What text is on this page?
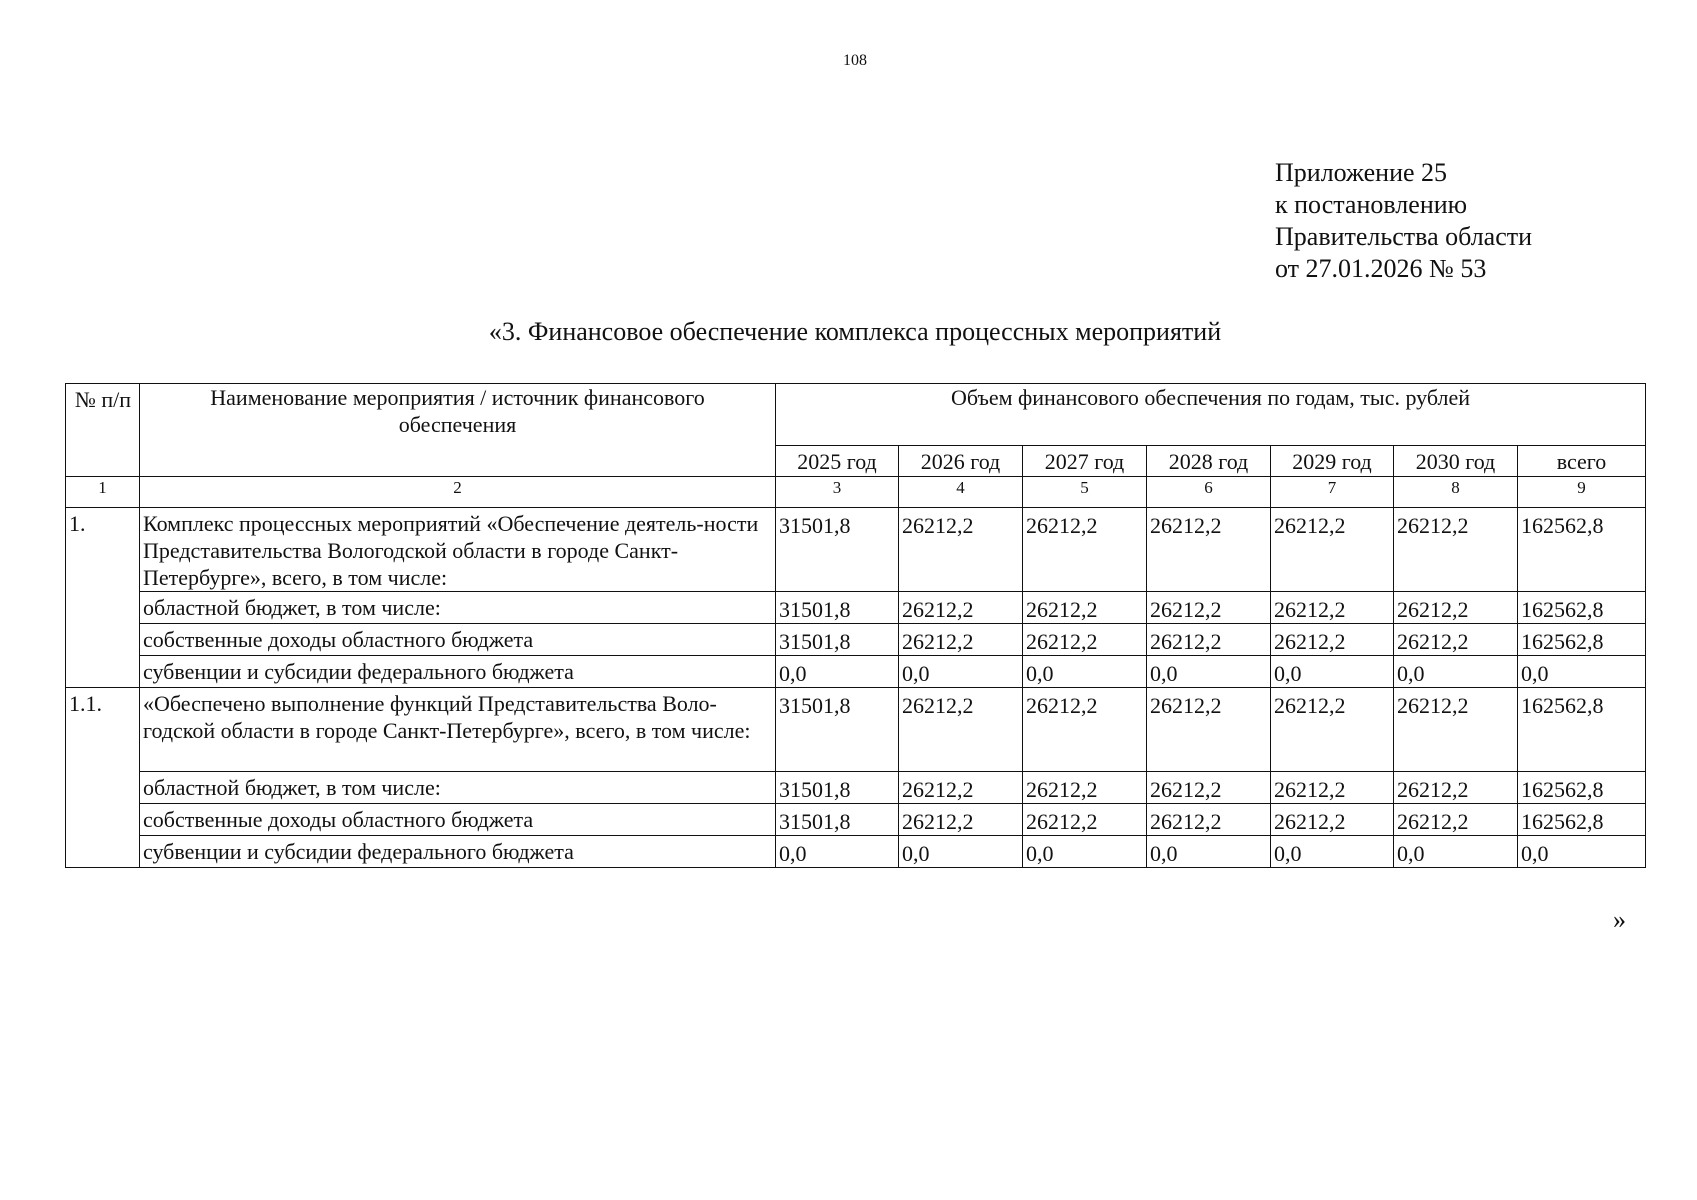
108
Приложение 25
к постановлению
Правительства области
от 27.01.2026 № 53
«3. Финансовое обеспечение комплекса процессных мероприятий
№ п/п	Наименование мероприятия / источник финансового обеспечения	Объем финансового обеспечения по годам, тыс. рублей						
		2025 год	2026 год	2027 год	2028 год	2029 год	2030 год	всего
1	2	3	4	5	6	7	8	9
1.	Комплекс процессных мероприятий «Обеспечение деятель-ности Представительства Вологодской области в городе Санкт-Петербурге», всего, в том числе:	31501,8	26212,2	26212,2	26212,2	26212,2	26212,2	162562,8
	областной бюджет, в том числе:	31501,8	26212,2	26212,2	26212,2	26212,2	26212,2	162562,8
	собственные доходы областного бюджета	31501,8	26212,2	26212,2	26212,2	26212,2	26212,2	162562,8
	субвенции и субсидии федерального бюджета	0,0	0,0	0,0	0,0	0,0	0,0	0,0
1.1.	«Обеспечено выполнение функций Представительства Воло-годской области в городе Санкт-Петербурге», всего, в том числе:	31501,8	26212,2	26212,2	26212,2	26212,2	26212,2	162562,8
	областной бюджет, в том числе:	31501,8	26212,2	26212,2	26212,2	26212,2	26212,2	162562,8
	собственные доходы областного бюджета	31501,8	26212,2	26212,2	26212,2	26212,2	26212,2	162562,8
	субвенции и субсидии федерального бюджета	0,0	0,0	0,0	0,0	0,0	0,0	0,0
»
